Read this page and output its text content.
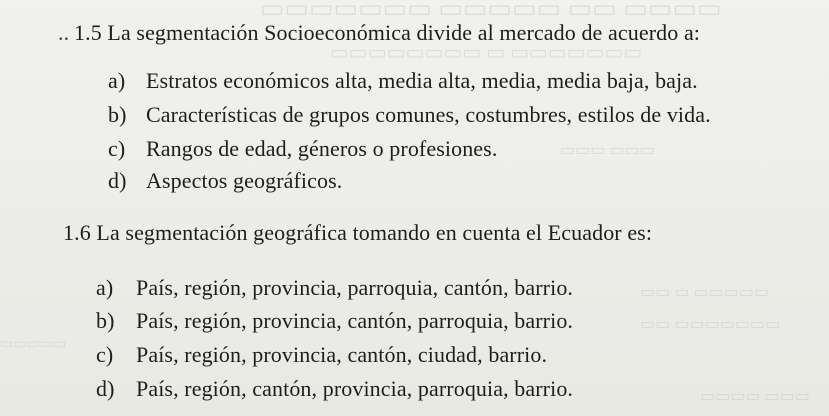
▭▭▭▭ ▭▭ ▭▭▭▭▭ ▭▭▭▭▭▭▭
▭▭▭▭▭▭▭ ▭ ▭▭▭▭▭▭▭▭
▭▭▭ ▭▭▭
▭▭▭▭▭ ▭ ▭▭
▭▭▭▭▭▭▭ ▭▭
▭▭▭▭▭
▭▭▭ ▭▭▭▭
.. 1.5 La segmentación Socioeconómica divide al mercado de acuerdo a:
a) Estratos económicos alta, media alta, media, media baja, baja.
b) Características de grupos comunes, costumbres, estilos de vida.
c) Rangos de edad, géneros o profesiones.
d) Aspectos geográficos.
1.6 La segmentación geográfica tomando en cuenta el Ecuador es:
a) País, región, provincia, parroquia, cantón, barrio.
b) País, región, provincia, cantón, parroquia, barrio.
c) País, región, provincia, cantón, ciudad, barrio.
d) País, región, cantón, provincia, parroquia, barrio.
